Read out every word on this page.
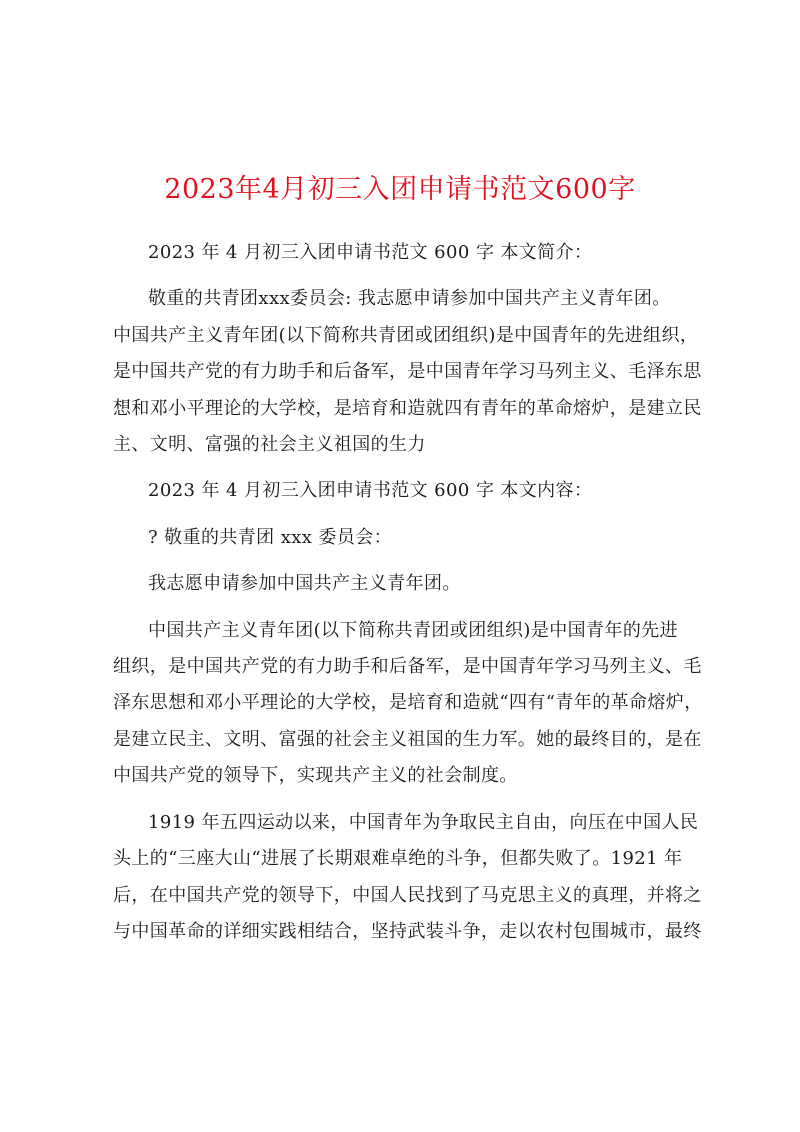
2023年4月初三入团申请书范文600字
2023 年 4 月初三入团申请书范文 600 字 本文简介：
敬重的共青团xxx委员会: 我志愿申请参加中国共产主义青年团。
中国共产主义青年团(以下简称共青团或团组织)是中国青年的先进组织，
是中国共产党的有力助手和后备军，是中国青年学习马列主义、毛泽东思
想和邓小平理论的大学校，是培育和造就四有青年的革命熔炉，是建立民
主、文明、富强的社会主义祖国的生力
2023 年 4 月初三入团申请书范文 600 字 本文内容：
? 敬重的共青团 xxx 委员会：
我志愿申请参加中国共产主义青年团。
中国共产主义青年团(以下简称共青团或团组织)是中国青年的先进
组织，是中国共产党的有力助手和后备军，是中国青年学习马列主义、毛
泽东思想和邓小平理论的大学校，是培育和造就“四有“青年的革命熔炉，
是建立民主、文明、富强的社会主义祖国的生力军。她的最终目的，是在
中国共产党的领导下，实现共产主义的社会制度。
1919 年五四运动以来，中国青年为争取民主自由，向压在中国人民
头上的“三座大山“进展了长期艰难卓绝的斗争，但都失败了。1921 年
后，在中国共产党的领导下，中国人民找到了马克思主义的真理，并将之
与中国革命的详细实践相结合，坚持武装斗争，走以农村包围城市，最终
